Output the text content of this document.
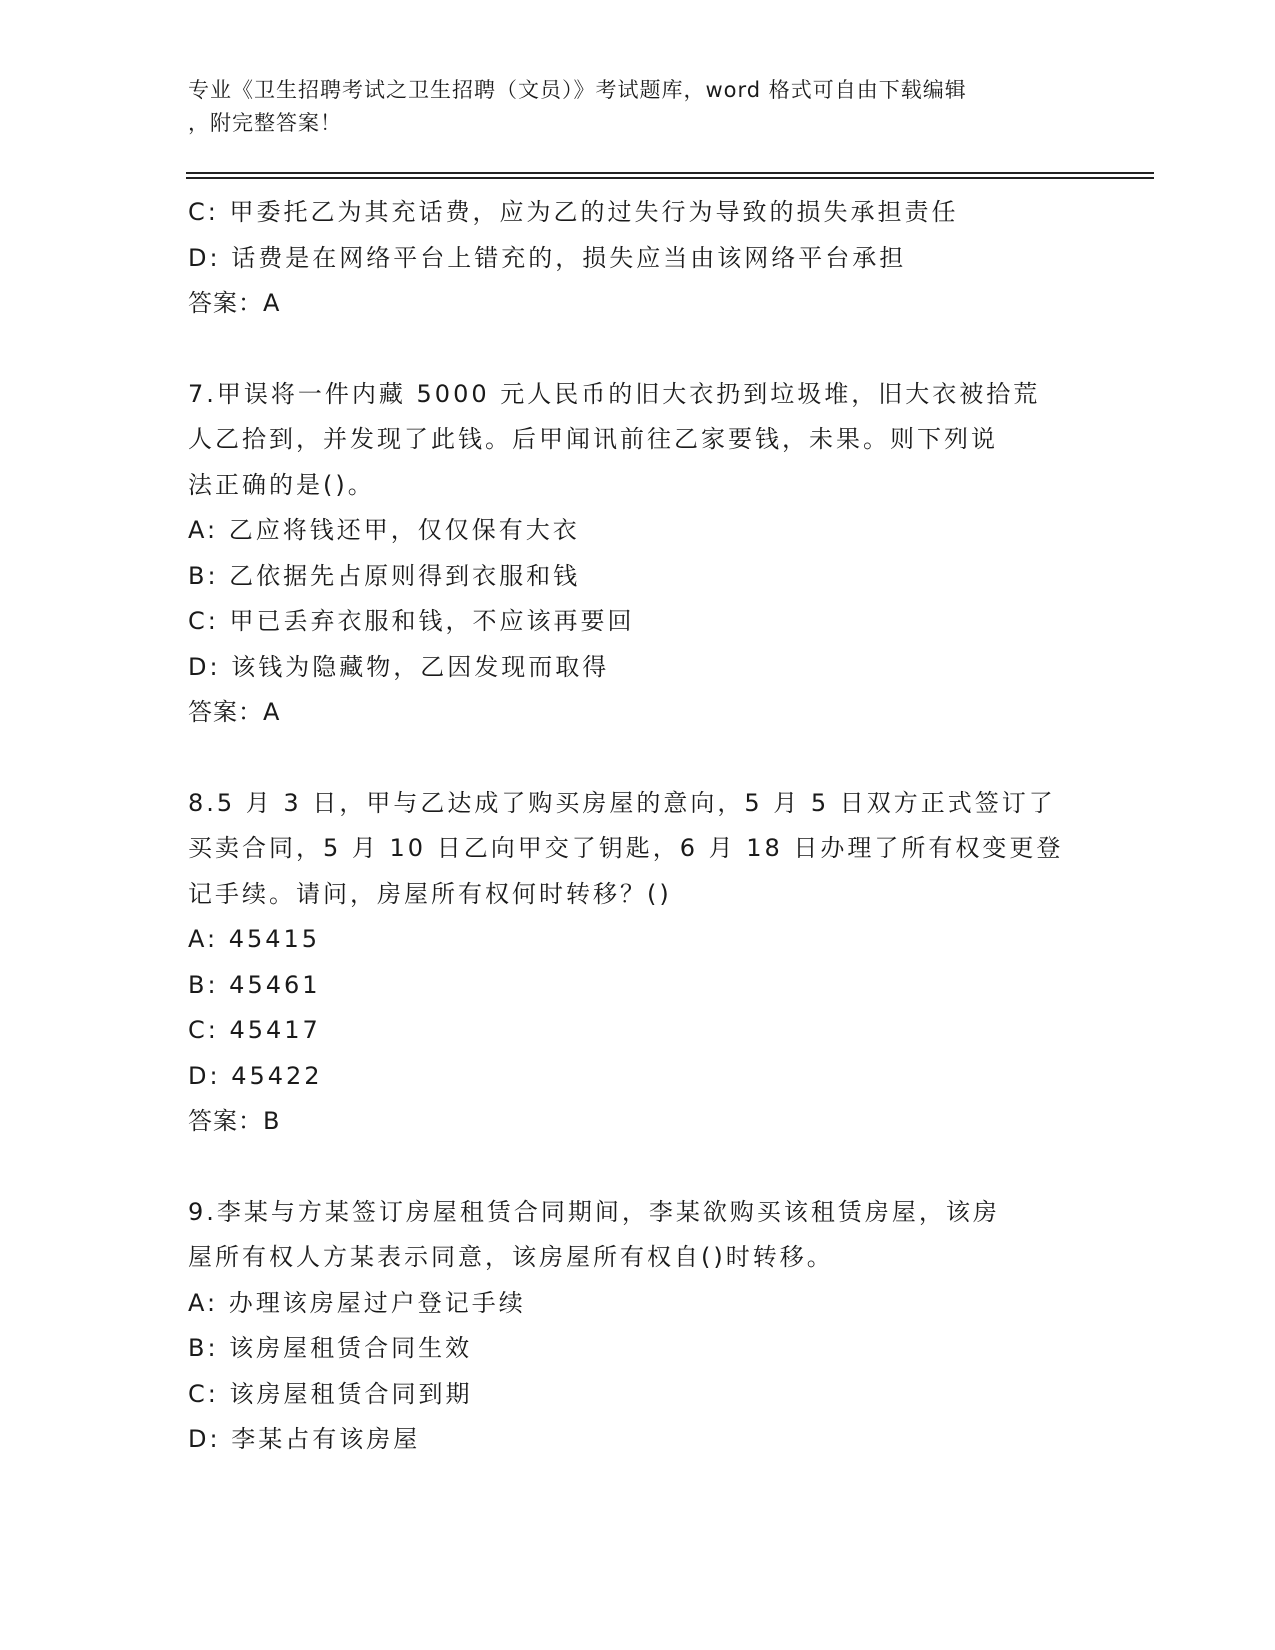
专业《卫生招聘考试之卫生招聘（文员）》考试题库，word 格式可自由下载编辑
，附完整答案！
C: 甲委托乙为其充话费，应为乙的过失行为导致的损失承担责任
D: 话费是在网络平台上错充的，损失应当由该网络平台承担
答案：A
7.甲误将一件内藏 5000 元人民币的旧大衣扔到垃圾堆，旧大衣被拾荒
人乙拾到，并发现了此钱。后甲闻讯前往乙家要钱，未果。则下列说
法正确的是()。
A: 乙应将钱还甲，仅仅保有大衣
B: 乙依据先占原则得到衣服和钱
C: 甲已丢弃衣服和钱，不应该再要回
D: 该钱为隐藏物，乙因发现而取得
答案：A
8.5 月 3 日，甲与乙达成了购买房屋的意向，5 月 5 日双方正式签订了
买卖合同，5 月 10 日乙向甲交了钥匙，6 月 18 日办理了所有权变更登
记手续。请问，房屋所有权何时转移？()
A: 45415
B: 45461
C: 45417
D: 45422
答案：B
9.李某与方某签订房屋租赁合同期间，李某欲购买该租赁房屋，该房
屋所有权人方某表示同意，该房屋所有权自()时转移。
A: 办理该房屋过户登记手续
B: 该房屋租赁合同生效
C: 该房屋租赁合同到期
D: 李某占有该房屋
